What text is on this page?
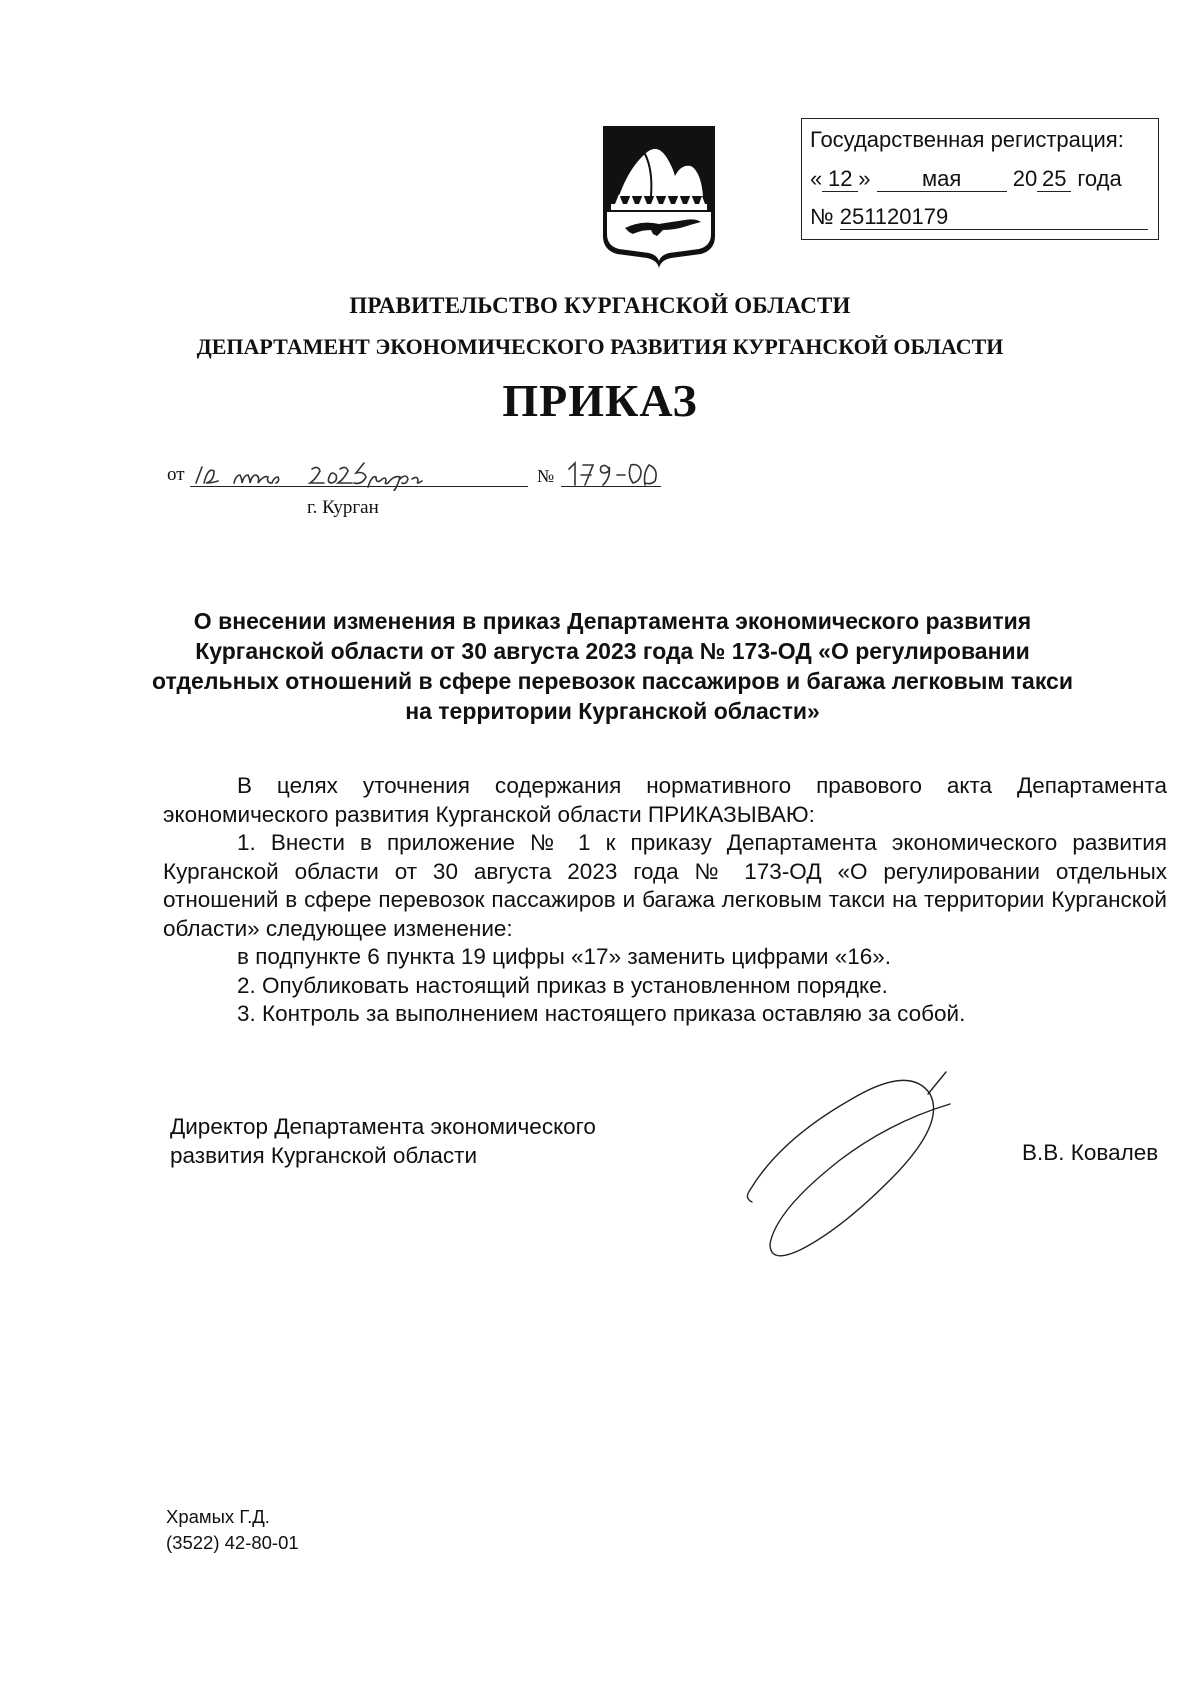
Государственная регистрация:
« 12 » мая 20 25 года
№ 251120179
ПРАВИТЕЛЬСТВО КУРГАНСКОЙ ОБЛАСТИ
ДЕПАРТАМЕНТ ЭКОНОМИЧЕСКОГО РАЗВИТИЯ КУРГАНСКОЙ ОБЛАСТИ
ПРИКАЗ
от	№
г. Курган
О внесении изменения в приказ Департамента экономического развития Курганской области от 30 августа 2023 года № 173-ОД «О регулировании отдельных отношений в сфере перевозок пассажиров и багажа легковым такси на территории Курганской области»

В целях уточнения содержания нормативного правового акта Департамента экономического развития Курганской области ПРИКАЗЫВАЮ:

1. Внести в приложение № 1 к приказу Департамента экономического развития Курганской области от 30 августа 2023 года № 173-ОД «О регулировании отдельных отношений в сфере перевозок пассажиров и багажа легковым такси на территории Курганской области» следующее изменение:

в подпункте 6 пункта 19 цифры «17» заменить цифрами «16».

2. Опубликовать настоящий приказ в установленном порядке.

3. Контроль за выполнением настоящего приказа оставляю за собой.

Директор Департамента экономического
развития Курганской области	В.В. Ковалев
Храмых Г.Д.
(3522) 42-80-01
